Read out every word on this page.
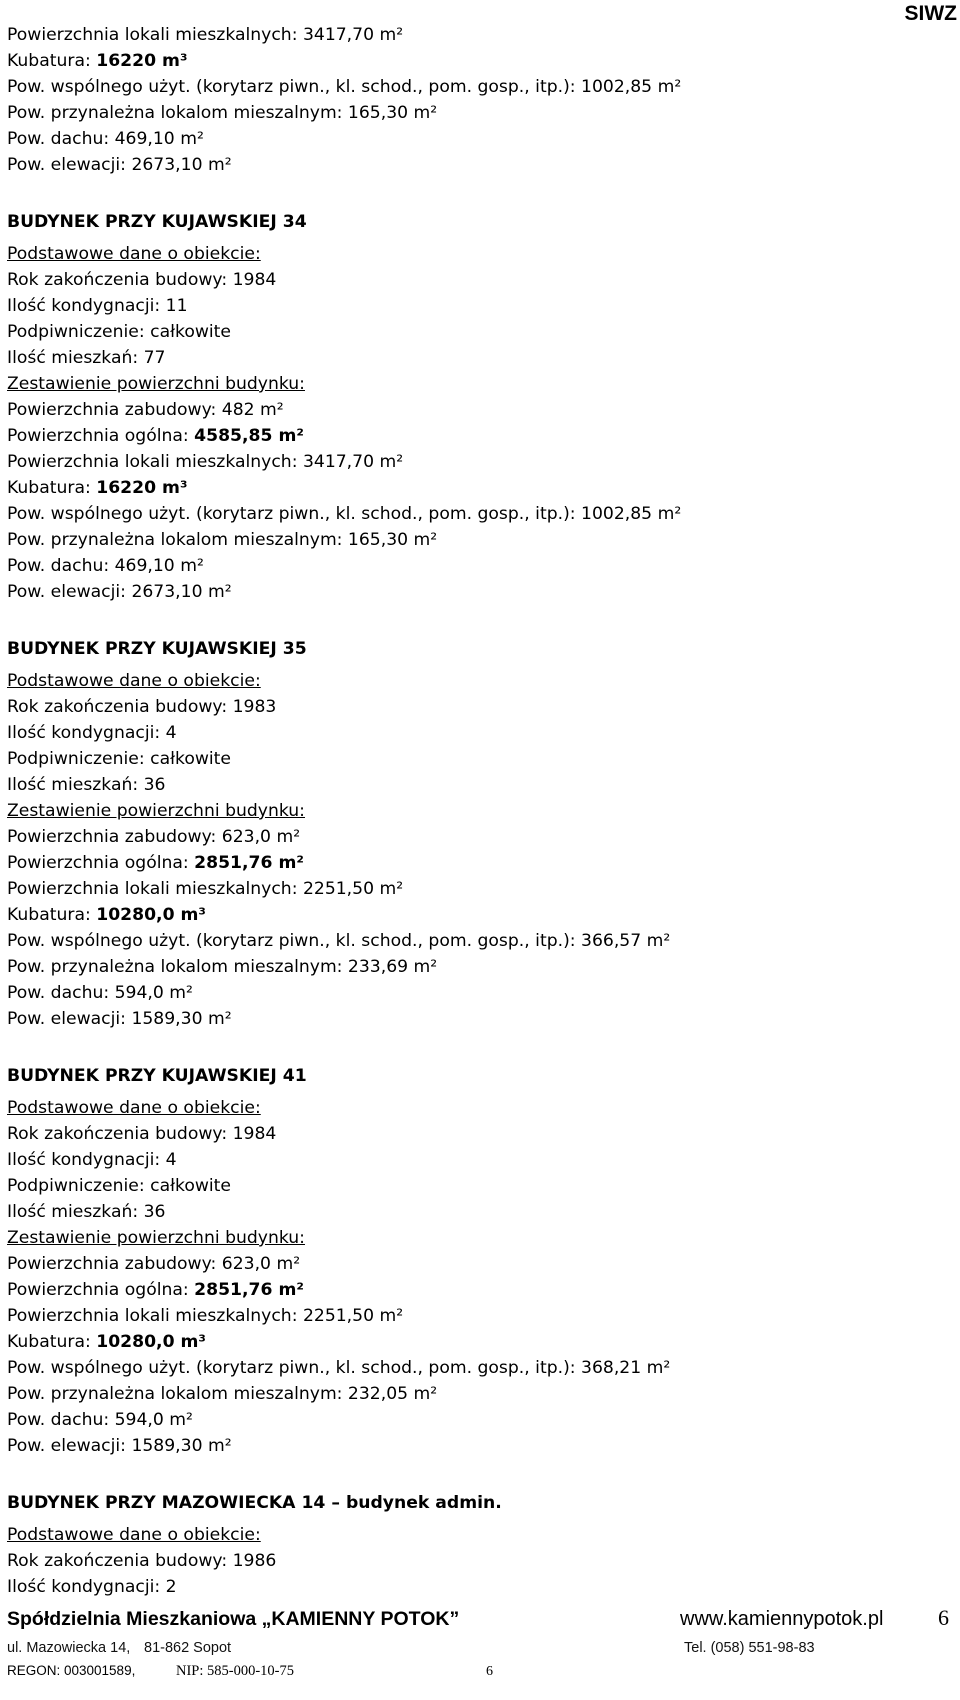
SIWZ
Powierzchnia lokali mieszkalnych: 3417,70 m²
Kubatura: 16220 m³
Pow. wspólnego użyt. (korytarz piwn., kl. schod., pom. gosp., itp.): 1002,85 m²
Pow. przynależna lokalom mieszalnym: 165,30 m²
Pow. dachu: 469,10 m²
Pow. elewacji: 2673,10 m²
BUDYNEK PRZY KUJAWSKIEJ 34
Podstawowe dane o obiekcie:
Rok zakończenia budowy: 1984
Ilość kondygnacji: 11
Podpiwniczenie: całkowite
Ilość mieszkań: 77
Zestawienie powierzchni budynku:
Powierzchnia zabudowy: 482 m²
Powierzchnia ogólna: 4585,85 m²
Powierzchnia lokali mieszkalnych: 3417,70 m²
Kubatura: 16220 m³
Pow. wspólnego użyt. (korytarz piwn., kl. schod., pom. gosp., itp.): 1002,85 m²
Pow. przynależna lokalom mieszalnym: 165,30 m²
Pow. dachu: 469,10 m²
Pow. elewacji: 2673,10 m²
BUDYNEK PRZY KUJAWSKIEJ 35
Podstawowe dane o obiekcie:
Rok zakończenia budowy: 1983
Ilość kondygnacji: 4
Podpiwniczenie: całkowite
Ilość mieszkań: 36
Zestawienie powierzchni budynku:
Powierzchnia zabudowy: 623,0 m²
Powierzchnia ogólna: 2851,76 m²
Powierzchnia lokali mieszkalnych: 2251,50 m²
Kubatura: 10280,0 m³
Pow. wspólnego użyt. (korytarz piwn., kl. schod., pom. gosp., itp.): 366,57 m²
Pow. przynależna lokalom mieszalnym: 233,69 m²
Pow. dachu: 594,0 m²
Pow. elewacji: 1589,30 m²
BUDYNEK PRZY KUJAWSKIEJ 41
Podstawowe dane o obiekcie:
Rok zakończenia budowy: 1984
Ilość kondygnacji: 4
Podpiwniczenie: całkowite
Ilość mieszkań: 36
Zestawienie powierzchni budynku:
Powierzchnia zabudowy: 623,0 m²
Powierzchnia ogólna: 2851,76 m²
Powierzchnia lokali mieszkalnych: 2251,50 m²
Kubatura: 10280,0 m³
Pow. wspólnego użyt. (korytarz piwn., kl. schod., pom. gosp., itp.): 368,21 m²
Pow. przynależna lokalom mieszalnym: 232,05 m²
Pow. dachu: 594,0 m²
Pow. elewacji: 1589,30 m²
BUDYNEK PRZY MAZOWIECKA 14 – budynek admin.
Podstawowe dane o obiekcie:
Rok zakończenia budowy: 1986
Ilość kondygnacji: 2
Spółdzielnia Mieszkaniowa „KAMIENNY POTOK”	www.kamiennypotok.pl 6
ul. Mazowiecka 14, 81-862 Sopot	Tel. (058) 551-98-83
REGON: 003001589,	NIP: 585-000-10-75	6
